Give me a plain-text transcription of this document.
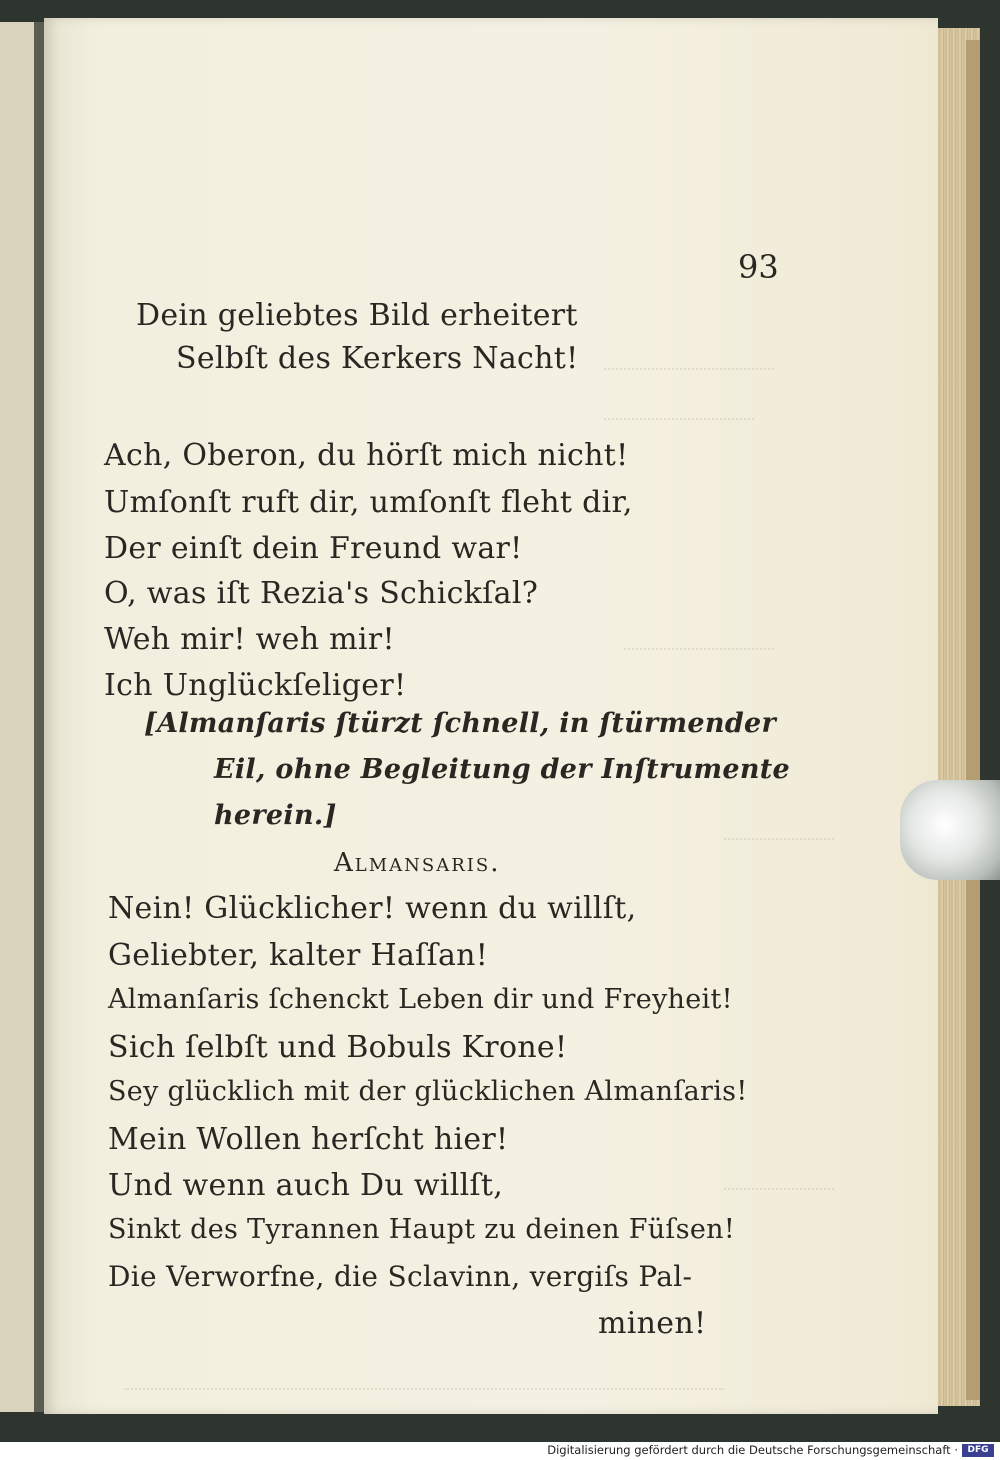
93
Dein geliebtes Bild erheitert
Selbſt des Kerkers Nacht!
Ach, Oberon, du hörſt mich nicht!
Umſonſt ruft dir, umſonſt fleht dir,
Der einſt dein Freund war!
O, was iſt Rezia's Schickſal?
Weh mir! weh mir!
Ich Unglückſeliger!
[Almanſaris ſtürzt ſchnell, in ſtürmender
Eil, ohne Begleitung der Inſtrumente
herein.]
Almansaris.
Nein! Glücklicher! wenn du willſt,
Geliebter, kalter Haſſan!
Almanſaris ſchenckt Leben dir und Freyheit!
Sich ſelbſt und Bobuls Krone!
Sey glücklich mit der glücklichen Almanſaris!
Mein Wollen herſcht hier!
Und wenn auch Du willſt,
Sinkt des Tyrannen Haupt zu deinen Füſsen!
Die Verworfne, die Sclavinn, vergiſs Pal-
minen!
Digitalisierung gefördert durch die Deutsche Forschungsgemeinschaft ·	DFG
